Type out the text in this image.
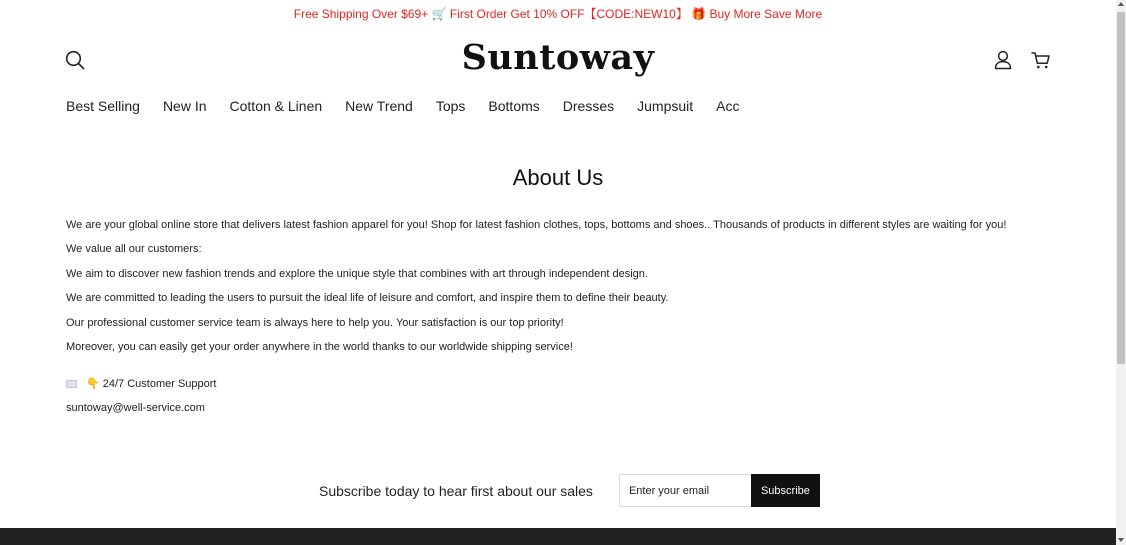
Free Shipping Over $69+ 🛒 First Order Get 10% OFF【CODE:NEW10】 🎁 Buy More Save More
Suntoway
Best Selling New In Cotton & Linen New Trend Tops Bottoms Dresses Jumpsuit Acc
About Us

We are your global online store that delivers latest fashion apparel for you! Shop for latest fashion clothes, tops, bottoms and shoes.. Thousands of products in different styles are waiting for you!

We value all our customers:

We aim to discover new fashion trends and explore the unique style that combines with art through independent design.

We are committed to leading the users to pursuit the ideal life of leisure and comfort, and inspire them to define their beauty.

Our professional customer service team is always here to help you. Your satisfaction is our top priority!

Moreover, you can easily get your order anywhere in the world thanks to our worldwide shipping service!

👇 24/7 Customer Support
suntoway@well-service.com
Subscribe today to hear first about our sales
Enter your email	Subscribe
